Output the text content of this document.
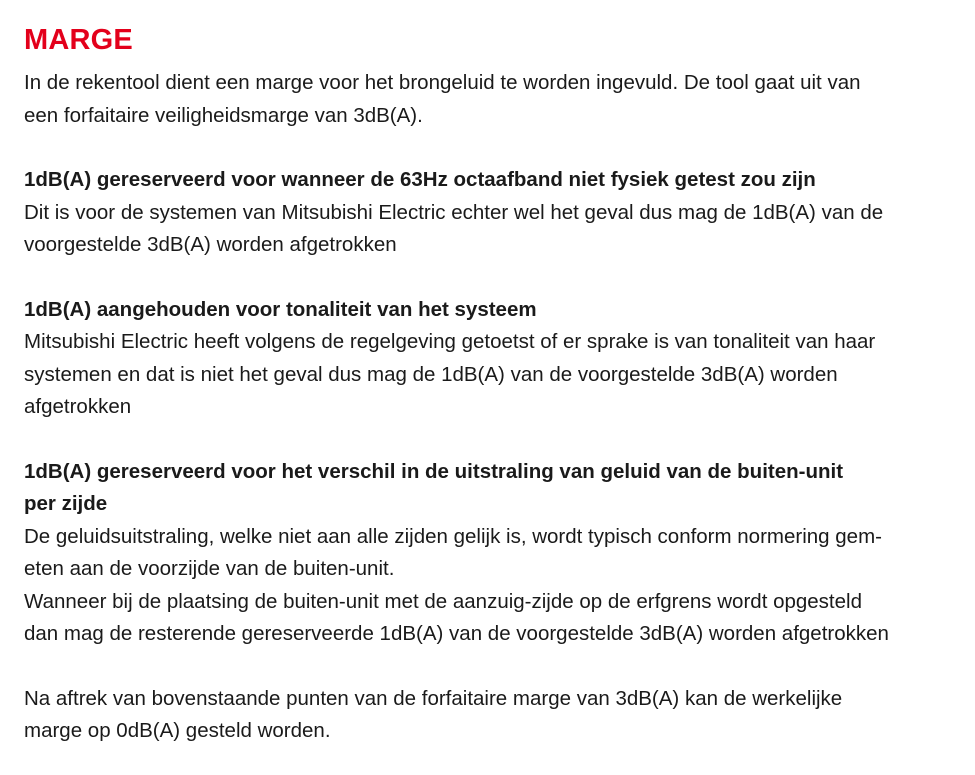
MARGE

In de rekentool dient een marge voor het brongeluid te worden ingevuld. De tool gaat uit van

een forfaitaire veiligheidsmarge van 3dB(A).

1dB(A) gereserveerd voor wanneer de 63Hz octaafband niet fysiek getest zou zijn

Dit is voor de systemen van Mitsubishi Electric echter wel het geval dus mag de 1dB(A) van de

voorgestelde 3dB(A) worden afgetrokken

1dB(A) aangehouden voor tonaliteit van het systeem

Mitsubishi Electric heeft volgens de regelgeving getoetst of er sprake is van tonaliteit van haar

systemen en dat is niet het geval dus mag de 1dB(A) van de voorgestelde 3dB(A) worden

afgetrokken

1dB(A) gereserveerd voor het verschil in de uitstraling van geluid van de buiten-unit

per zijde

De geluidsuitstraling, welke niet aan alle zijden gelijk is, wordt typisch conform normering gem-

eten aan de voorzijde van de buiten-unit.

Wanneer bij de plaatsing de buiten-unit met de aanzuig-zijde op de erfgrens wordt opgesteld

dan mag de resterende gereserveerde 1dB(A) van de voorgestelde 3dB(A) worden afgetrokken

Na aftrek van bovenstaande punten van de forfaitaire marge van 3dB(A) kan de werkelijke

marge op 0dB(A) gesteld worden.
